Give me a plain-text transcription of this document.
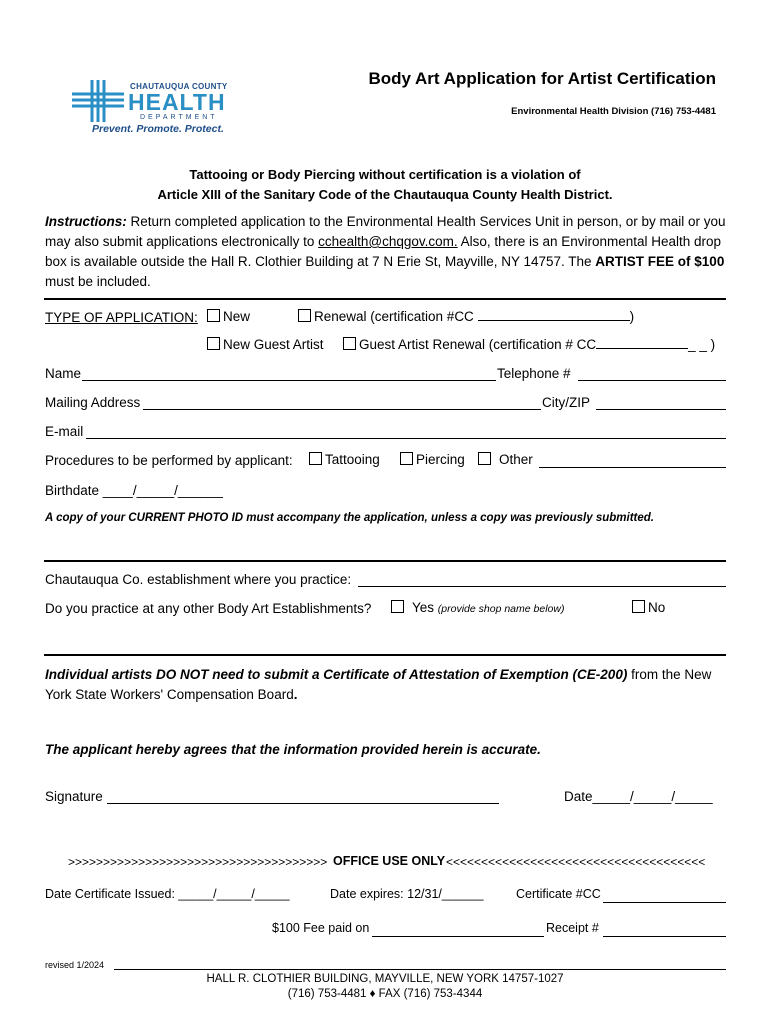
CHAUTAUQUA COUNTY
HEALTH
DEPARTMENT
Prevent. Promote. Protect.
Body Art Application for Artist Certification
Environmental Health Division (716) 753-4481
Tattooing or Body Piercing without certification is a violation of
Article XIII of the Sanitary Code of the Chautauqua County Health District.
Instructions: Return completed application to the Environmental Health Services Unit in person, or by mail or you may also submit applications electronically to cchealth@chqgov.com. Also, there is an Environmental Health drop box is available outside the Hall R. Clothier Building at 7 N Erie St, Mayville, NY 14757. The ARTIST FEE of $100 must be included.
TYPE OF APPLICATION:	New	Renewal (certification #CC	)
New Guest Artist	Guest Artist Renewal (certification # CC	_ _ )
Name	Telephone #
Mailing Address	City/ZIP
E-mail
Procedures to be performed by applicant:	Tattooing	Piercing	Other
Birthdate ____/_____/______
A copy of your CURRENT PHOTO ID must accompany the application, unless a copy was previously submitted.
Chautauqua Co. establishment where you practice:
Do you practice at any other Body Art Establishments?	Yes (provide shop name below)	No
Individual artists DO NOT need to submit a Certificate of Attestation of Exemption (CE-200) from the New York State Workers' Compensation Board.
The applicant hereby agrees that the information provided herein is accurate.
Signature	Date_____/_____/_____
>>>>>>>>>>>>>>>>>>>>>>>>>>>>>>>>>>>>> OFFICE USE ONLY <<<<<<<<<<<<<<<<<<<<<<<<<<<<<<<<<<<<<
Date Certificate Issued: _____/_____/_____	Date expires: 12/31/______	Certificate #CC
$100 Fee paid on	Receipt #
revised 1/2024
HALL R. CLOTHIER BUILDING, MAYVILLE, NEW YORK 14757-1027
(716) 753-4481 ♦ FAX (716) 753-4344
